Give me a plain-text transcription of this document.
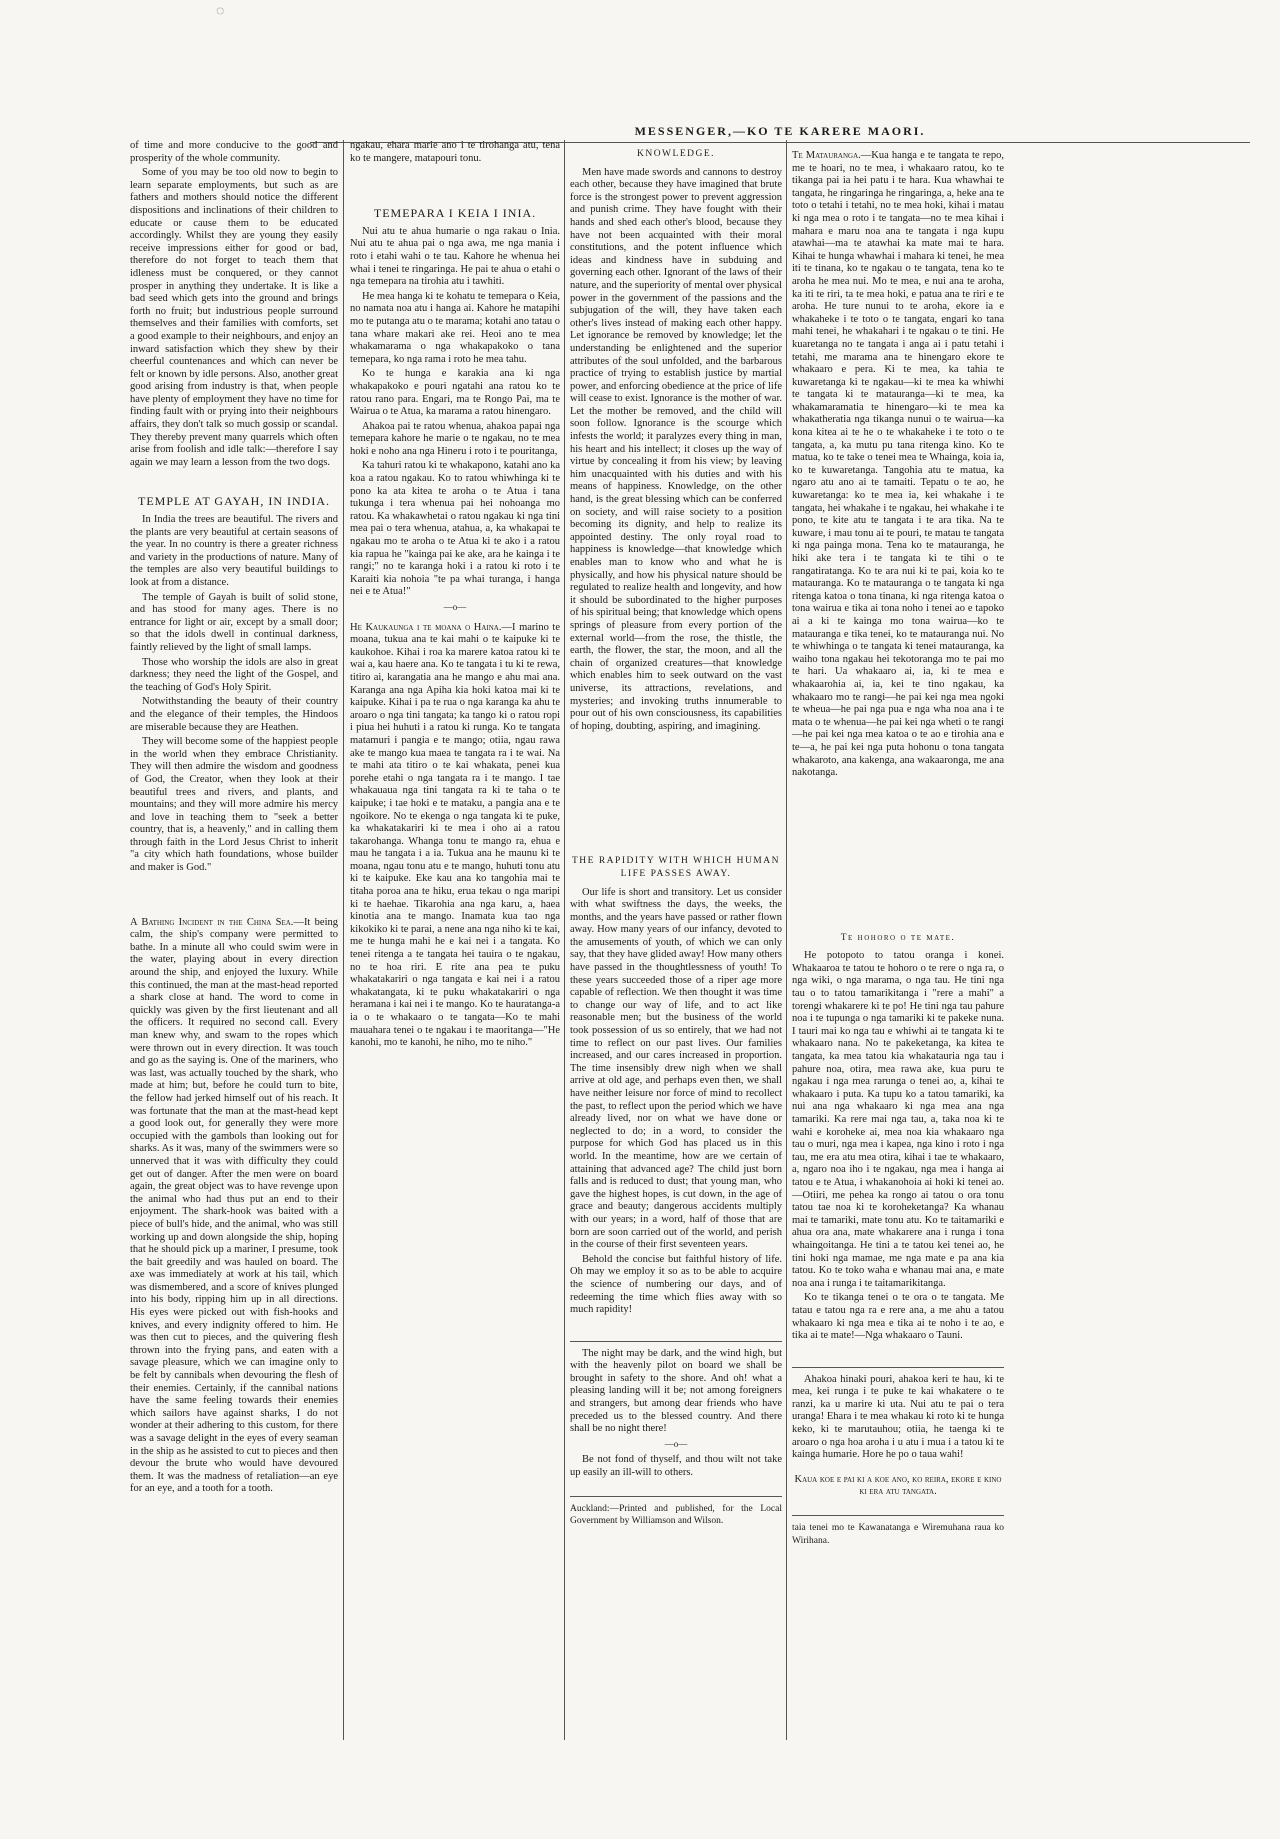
◌
MESSENGER,—KO TE KARERE MAORI.

of time and more conducive to the good and prosperity of the whole community.

Some of you may be too old now to begin to learn separate employments, but such as are fathers and mothers should notice the different dispositions and inclinations of their children to educate or cause them to be educated accordingly. Whilst they are young they easily receive impressions either for good or bad, therefore do not forget to teach them that idleness must be conquered, or they cannot prosper in anything they undertake. It is like a bad seed which gets into the ground and brings forth no fruit; but industrious people surround themselves and their families with comforts, set a good example to their neighbours, and enjoy an inward satisfaction which they shew by their cheerful countenances and which can never be felt or known by idle persons. Also, another great good arising from industry is that, when people have plenty of employment they have no time for finding fault with or prying into their neighbours affairs, they don't talk so much gossip or scandal. They thereby prevent many quarrels which often arise from foolish and idle talk:—therefore I say again we may learn a lesson from the two dogs.

TEMPLE AT GAYAH, IN INDIA.

In India the trees are beautiful. The rivers and the plants are very beautiful at certain seasons of the year. In no country is there a greater richness and variety in the productions of nature. Many of the temples are also very beautiful buildings to look at from a distance.

The temple of Gayah is built of solid stone, and has stood for many ages. There is no entrance for light or air, except by a small door; so that the idols dwell in continual darkness, faintly relieved by the light of small lamps.

Those who worship the idols are also in great darkness; they need the light of the Gospel, and the teaching of God's Holy Spirit.

Notwithstanding the beauty of their country and the elegance of their temples, the Hindoos are miserable because they are Heathen.

They will become some of the happiest people in the world when they embrace Christianity. They will then admire the wisdom and goodness of God, the Creator, when they look at their beautiful trees and rivers, and plants, and mountains; and they will more admire his mercy and love in teaching them to "seek a better country, that is, a heavenly," and in calling them through faith in the Lord Jesus Christ to inherit "a city which hath foundations, whose builder and maker is God."

A Bathing Incident in the China Sea.—It being calm, the ship's company were permitted to bathe. In a minute all who could swim were in the water, playing about in every direction around the ship, and enjoyed the luxury. While this continued, the man at the mast-head reported a shark close at hand. The word to come in quickly was given by the first lieutenant and all the officers. It required no second call. Every man knew why, and swam to the ropes which were thrown out in every direction. It was touch and go as the saying is. One of the mariners, who was last, was actually touched by the shark, who made at him; but, before he could turn to bite, the fellow had jerked himself out of his reach. It was fortunate that the man at the mast-head kept a good look out, for generally they were more occupied with the gambols than looking out for sharks. As it was, many of the swimmers were so unnerved that it was with difficulty they could get out of danger. After the men were on board again, the great object was to have revenge upon the animal who had thus put an end to their enjoyment. The shark-hook was baited with a piece of bull's hide, and the animal, who was still working up and down alongside the ship, hoping that he should pick up a mariner, I presume, took the bait greedily and was hauled on board. The axe was immediately at work at his tail, which was dismembered, and a score of knives plunged into his body, ripping him up in all directions. His eyes were picked out with fish-hooks and knives, and every indignity offered to him. He was then cut to pieces, and the quivering flesh thrown into the frying pans, and eaten with a savage pleasure, which we can imagine only to be felt by cannibals when devouring the flesh of their enemies. Certainly, if the cannibal nations have the same feeling towards their enemies which sailors have against sharks, I do not wonder at their adhering to this custom, for there was a savage delight in the eyes of every seaman in the ship as he assisted to cut to pieces and then devour the brute who would have devoured them. It was the madness of retaliation—an eye for an eye, and a tooth for a tooth.

ngakau, ehara marie ano i te tirohanga atu, tena ko te mangere, matapouri tonu.

TEMEPARA I KEIA I INIA.

Nui atu te ahua humarie o nga rakau o Inia. Nui atu te ahua pai o nga awa, me nga mania i roto i etahi wahi o te tau. Kahore he whenua hei whai i tenei te ringaringa. He pai te ahua o etahi o nga temepara na tirohia atu i tawhiti.

He mea hanga ki te kohatu te temepara o Keia, no namata noa atu i hanga ai. Kahore he matapihi mo te putanga atu o te marama; kotahi ano tatau o tana whare makari ake rei. Heoi ano te mea whakamarama o nga whakapakoko o tana temepara, ko nga rama i roto he mea tahu.

Ko te hunga e karakia ana ki nga whakapakoko e pouri ngatahi ana ratou ko te ratou rano para. Engari, ma te Rongo Pai, ma te Wairua o te Atua, ka marama a ratou hinengaro.

Ahakoa pai te ratou whenua, ahakoa papai nga temepara kahore he marie o te ngakau, no te mea hoki e noho ana nga Hineru i roto i te pouritanga,

Ka tahuri ratou ki te whakapono, katahi ano ka koa a ratou ngakau. Ko to ratou whiwhinga ki te pono ka ata kitea te aroha o te Atua i tana tukunga i tera whenua pai hei nohoanga mo ratou. Ka whakawhetai o ratou ngakau ki nga tini mea pai o tera whenua, atahua, a, ka whakapai te ngakau mo te aroha o te Atua ki te ako i a ratou kia rapua he "kainga pai ke ake, ara he kainga i te rangi;" no te karanga hoki i a ratou ki roto i te Karaiti kia nohoia "te pa whai turanga, i hanga nei e te Atua!"

—o—

He Kaukaunga i te moana o Haina.—I marino te moana, tukua ana te kai mahi o te kaipuke ki te kaukohoe. Kihai i roa ka marere katoa ratou ki te wai a, kau haere ana. Ko te tangata i tu ki te rewa, titiro ai, karangatia ana he mango e ahu mai ana. Karanga ana nga Apiha kia hoki katoa mai ki te kaipuke. Kihai i pa te rua o nga karanga ka ahu te aroaro o nga tini tangata; ka tango ki o ratou ropi i piua hei huhuti i a ratou ki runga. Ko te tangata matamuri i pangia e te mango; otiia, ngau rawa ake te mango kua maea te tangata ra i te wai. Na te mahi ata titiro o te kai whakata, penei kua porehe etahi o nga tangata ra i te mango. I tae whakauaua nga tini tangata ra ki te taha o te kaipuke; i tae hoki e te mataku, a pangia ana e te ngoikore. No te ekenga o nga tangata ki te puke, ka whakatakariri ki te mea i oho ai a ratou takarohanga. Whanga tonu te mango ra, ehua e mau he tangata i a ia. Tukua ana he maunu ki te moana, ngau tonu atu e te mango, huhuti tonu atu ki te kaipuke. Eke kau ana ko tangohia mai te titaha poroa ana te hiku, erua tekau o nga maripi ki te haehae. Tikarohia ana nga karu, a, haea kinotia ana te mango. Inamata kua tao nga kikokiko ki te parai, a nene ana nga niho ki te kai, me te hunga mahi he e kai nei i a tangata. Ko tenei ritenga a te tangata hei tauira o te ngakau, no te hoa riri. E rite ana pea te puku whakatakariri o nga tangata e kai nei i a ratou whakatangata, ki te puku whakatakariri o nga heramana i kai nei i te mango. Ko te hauratanga-a ia o te whakaaro o te tangata—Ko te mahi mauahara tenei o te ngakau i te maoritanga—"He kanohi, mo te kanohi, he niho, mo te niho."

KNOWLEDGE.

Men have made swords and cannons to destroy each other, because they have imagined that brute force is the strongest power to prevent aggression and punish crime. They have fought with their hands and shed each other's blood, because they have not been acquainted with their moral constitutions, and the potent influence which ideas and kindness have in subduing and governing each other. Ignorant of the laws of their nature, and the superiority of mental over physical power in the government of the passions and the subjugation of the will, they have taken each other's lives instead of making each other happy. Let ignorance be removed by knowledge; let the understanding be enlightened and the superior attributes of the soul unfolded, and the barbarous practice of trying to establish justice by martial power, and enforcing obedience at the price of life will cease to exist. Ignorance is the mother of war. Let the mother be removed, and the child will soon follow. Ignorance is the scourge which infests the world; it paralyzes every thing in man, his heart and his intellect; it closes up the way of virtue by concealing it from his view; by leaving him unacquainted with his duties and with his means of happiness. Knowledge, on the other hand, is the great blessing which can be conferred on society, and will raise society to a position becoming its dignity, and help to realize its appointed destiny. The only royal road to happiness is knowledge—that knowledge which enables man to know who and what he is physically, and how his physical nature should be regulated to realize health and longevity, and how it should be subordinated to the higher purposes of his spiritual being; that knowledge which opens springs of pleasure from every portion of the external world—from the rose, the thistle, the earth, the flower, the star, the moon, and all the chain of organized creatures—that knowledge which enables him to seek outward on the vast universe, its attractions, revelations, and mysteries; and invoking truths innumerable to pour out of his own consciousness, its capabilities of hoping, doubting, aspiring, and imagining.

THE RAPIDITY WITH WHICH HUMAN LIFE PASSES AWAY.

Our life is short and transitory. Let us consider with what swiftness the days, the weeks, the months, and the years have passed or rather flown away. How many years of our infancy, devoted to the amusements of youth, of which we can only say, that they have glided away! How many others have passed in the thoughtlessness of youth! To these years succeeded those of a riper age more capable of reflection. We then thought it was time to change our way of life, and to act like reasonable men; but the business of the world took possession of us so entirely, that we had not time to reflect on our past lives. Our families increased, and our cares increased in proportion. The time insensibly drew nigh when we shall arrive at old age, and perhaps even then, we shall have neither leisure nor force of mind to recollect the past, to reflect upon the period which we have already lived, nor on what we have done or neglected to do; in a word, to consider the purpose for which God has placed us in this world. In the meantime, how are we certain of attaining that advanced age? The child just born falls and is reduced to dust; that young man, who gave the highest hopes, is cut down, in the age of grace and beauty; dangerous accidents multiply with our years; in a word, half of those that are born are soon carried out of the world, and perish in the course of their first seventeen years.

Behold the concise but faithful history of life. Oh may we employ it so as to be able to acquire the science of numbering our days, and of redeeming the time which flies away with so much rapidity!

The night may be dark, and the wind high, but with the heavenly pilot on board we shall be brought in safety to the shore. And oh! what a pleasing landing will it be; not among foreigners and strangers, but among dear friends who have preceded us to the blessed country. And there shall be no night there!

—o—

Be not fond of thyself, and thou wilt not take up easily an ill-will to others.

Auckland:—Printed and published, for the Local Government by Williamson and Wilson.

Te Matauranga.—Kua hanga e te tangata te repo, me te hoari, no te mea, i whakaaro ratou, ko te tikanga pai ia hei patu i te hara. Kua whawhai te tangata, he ringaringa he ringaringa, a, heke ana te toto o tetahi i tetahi, no te mea hoki, kihai i matau ki nga mea o roto i te tangata—no te mea kihai i mahara e maru noa ana te tangata i nga kupu atawhai—ma te atawhai ka mate mai te hara. Kihai te hunga whawhai i mahara ki tenei, he mea iti te tinana, ko te ngakau o te tangata, tena ko te aroha he mea nui. Mo te mea, e nui ana te aroha, ka iti te riri, ta te mea hoki, e patua ana te riri e te aroha. He ture nunui to te aroha, ekore ia e whakaheke i te toto o te tangata, engari ko tana mahi tenei, he whakahari i te ngakau o te tini. He kuaretanga no te tangata i anga ai i patu tetahi i tetahi, me marama ana te hinengaro ekore te whakaaro e pera. Ki te mea, ka tahia te kuwaretanga ki te ngakau—ki te mea ka whiwhi te tangata ki te matauranga—ki te mea, ka whakamaramatia te hinengaro—ki te mea ka whakatheratia nga tikanga nunui o te wairua—ka kona kitea ai te he o te whakaheke i te toto o te tangata, a, ka mutu pu tana ritenga kino. Ko te matua, ko te take o tenei mea te Whainga, koia ia, ko te kuwaretanga. Tangohia atu te matua, ka ngaro atu ano ai te tamaiti. Tepatu o te ao, he kuwaretanga: ko te mea ia, kei whakahe i te tangata, hei whakahe i te ngakau, hei whakahe i te pono, te kite atu te tangata i te ara tika. Na te kuware, i mau tonu ai te pouri, te matau te tangata ki nga painga mona. Tena ko te matauranga, he hiki ake tera i te tangata ki te tihi o te rangatiratanga. Ko te ara nui ki te pai, koia ko te matauranga. Ko te matauranga o te tangata ki nga ritenga katoa o tona tinana, ki nga ritenga katoa o tona wairua e tika ai tona noho i tenei ao e tapoko ai a ki te kainga mo tona wairua—ko te matauranga e tika tenei, ko te matauranga nui. No te whiwhinga o te tangata ki tenei matauranga, ka waiho tona ngakau hei tekotoranga mo te pai mo te hari. Ua whakaaro ai, ia, ki te mea e whakaarohia ai, ia, kei te tino ngakau, ka whakaaro mo te rangi—he pai kei nga mea ngoki te wheua—he pai nga pua e nga wha noa ana i te mata o te whenua—he pai kei nga wheti o te rangi—he pai kei nga mea katoa o te ao e tirohia ana e te—a, he pai kei nga puta hohonu o tona tangata whakaroto, ana kakenga, ana wakaaronga, me ana nakotanga.

Te hohoro o te mate.

He potopoto to tatou oranga i konei. Whakaaroa te tatou te hohoro o te rere o nga ra, o nga wiki, o nga marama, o nga tau. He tini nga tau o to tatou tamarikitanga i "rere a mahi" a torengi whakarere ki te po! He tini nga tau pahure noa i te tupunga o nga tamariki ki te pakeke nuna. I tauri mai ko nga tau e whiwhi ai te tangata ki te whakaaro nana. No te pakeketanga, ka kitea te tangata, ka mea tatou kia whakatauria nga tau i pahure noa, otira, mea rawa ake, kua puru te ngakau i nga mea rarunga o tenei ao, a, kihai te whakaaro i puta. Ka tupu ko a tatou tamariki, ka nui ana nga whakaaro ki nga mea ana nga tamariki. Ka rere mai nga tau, a, taka noa ki te wahi e koroheke ai, mea noa kia whakaaro nga tau o muri, nga mea i kapea, nga kino i roto i nga tau, me era atu mea otira, kihai i tae te whakaaro, a, ngaro noa iho i te ngakau, nga mea i hanga ai tatou e te Atua, i whakanohoia ai hoki ki tenei ao.—Otiiri, me pehea ka rongo ai tatou o ora tonu tatou tae noa ki te koroheketanga? Ka whanau mai te tamariki, mate tonu atu. Ko te taitamariki e ahua ora ana, mate whakarere ana i runga i tona whaingoitanga. He tini a te tatou kei tenei ao, he tini hoki nga mamae, me nga mate e pa ana kia tatou. Ko te toko waha e whanau mai ana, e mate noa ana i runga i te taitamarikitanga.

Ko te tikanga tenei o te ora o te tangata. Me tatau e tatou nga ra e rere ana, a me ahu a tatou whakaaro ki nga mea e tika ai te noho i te ao, e tika ai te mate!—Nga whakaaro o Tauni.

Ahakoa hinaki pouri, ahakoa keri te hau, ki te mea, kei runga i te puke te kai whakatere o te ranzi, ka u marire ki uta. Nui atu te pai o tera uranga! Ehara i te mea whakau ki roto ki te hunga keko, ki te marutauhou; otiia, he taenga ki te aroaro o nga hoa aroha i u atu i mua i a tatou ki te kainga humarie. Hore he po o taua wahi!

Kaua koe e pai ki a koe ano, ko reira, ekore e kino ki era atu tangata.

taia tenei mo te Kawanatanga e Wiremuhana raua ko Wirihana.
